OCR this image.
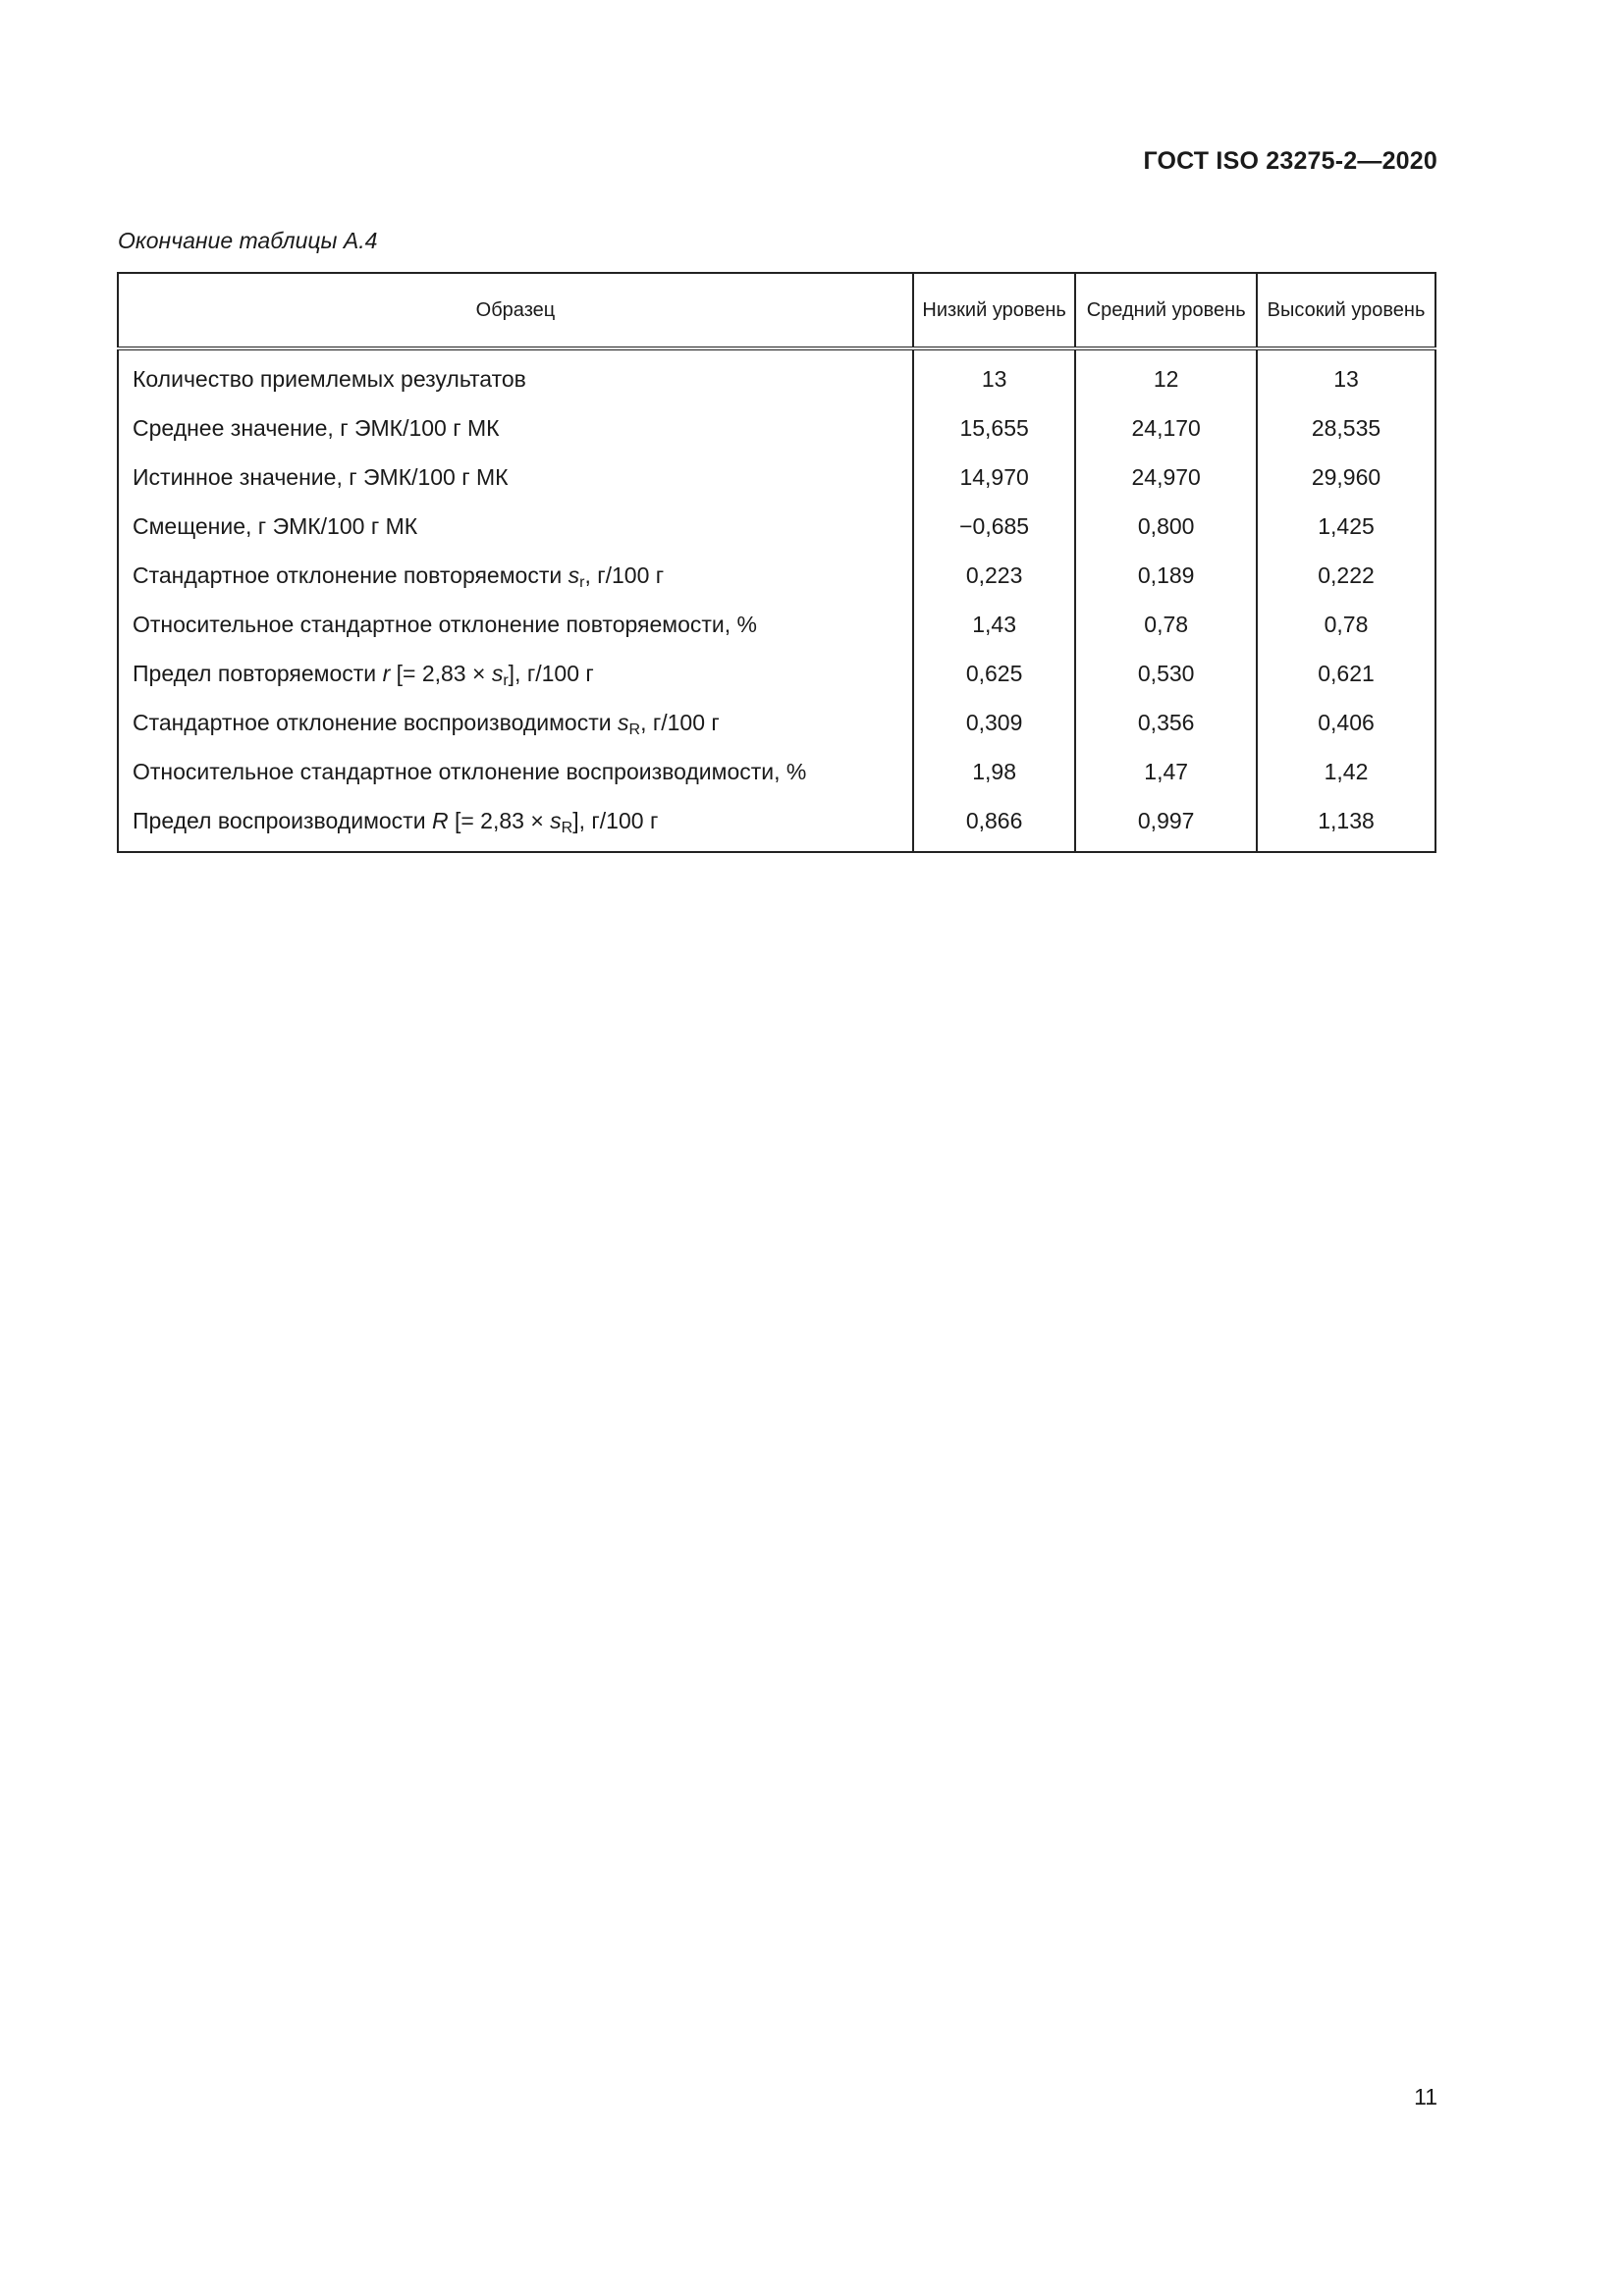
ГОСТ ISO 23275-2—2020
Окончание таблицы А.4
Образец	Низкий уровень	Средний уровень	Высокий уровень
Количество приемлемых результатов	13	12	13
Среднее значение, г ЭМК/100 г МК	15,655	24,170	28,535
Истинное значение, г ЭМК/100 г МК	14,970	24,970	29,960
Смещение, г ЭМК/100 г МК	−0,685	0,800	1,425
Стандартное отклонение повторяемости $s_r$, г/100 г	0,223	0,189	0,222
Относительное стандартное отклонение повторяемости, %	1,43	0,78	0,78
Предел повторяемости r [= $2,83 \times s_r$], г/100 г	0,625	0,530	0,621
Стандартное отклонение воспроизводимости $s_R$, г/100 г	0,309	0,356	0,406
Относительное стандартное отклонение воспроизводимости, %	1,98	1,47	1,42
Предел воспроизводимости R [= $2,83 \times s_R$], г/100 г	0,866	0,997	1,138
11
